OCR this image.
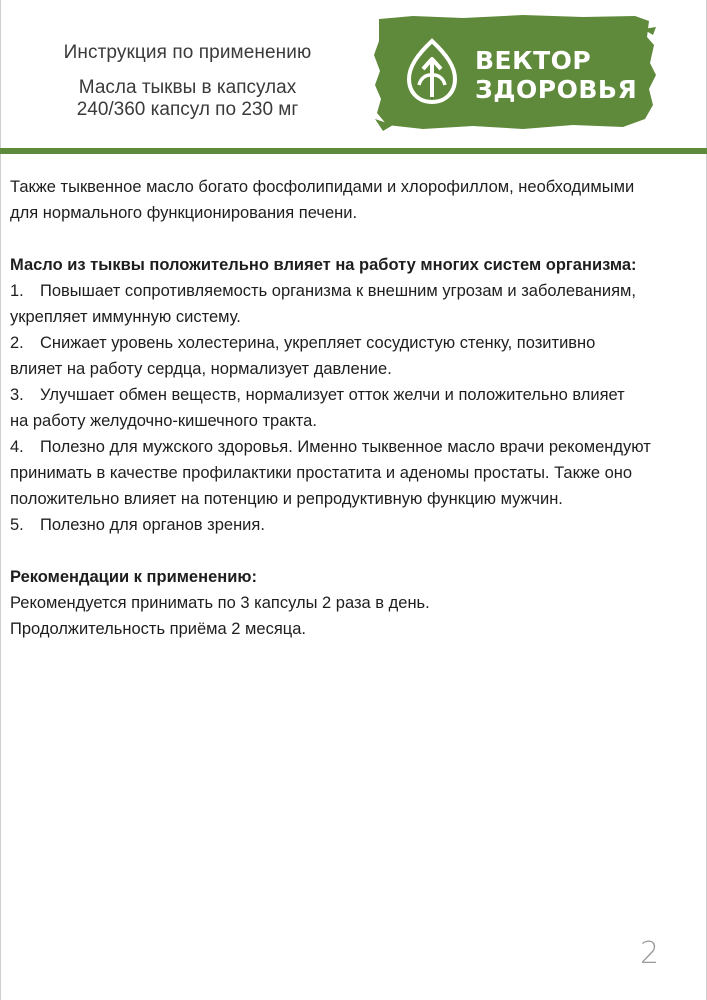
Инструкция по применению
Масла тыквы в капсулах
240/360 капсул по 230 мг
ВЕКТОР
ЗДОРОВЬЯ

Также тыквенное масло богато фосфолипидами и хлорофиллом, необходимыми

для нормального функционирования печени.

Масло из тыквы положительно влияет на работу многих систем организма:

1. Повышает сопротивляемость организма к внешним угрозам и заболеваниям,

укрепляет иммунную систему.

2. Снижает уровень холестерина, укрепляет сосудистую стенку, позитивно

влияет на работу сердца, нормализует давление.

3. Улучшает обмен веществ, нормализует отток желчи и положительно влияет

на работу желудочно-кишечного тракта.

4. Полезно для мужского здоровья. Именно тыквенное масло врачи рекомендуют

принимать в качестве профилактики простатита и аденомы простаты. Также оно

положительно влияет на потенцию и репродуктивную функцию мужчин.

5. Полезно для органов зрения.

Рекомендации к применению:

Рекомендуется принимать по 3 капсулы 2 раза в день.

Продолжительность приёма 2 месяца.

2
